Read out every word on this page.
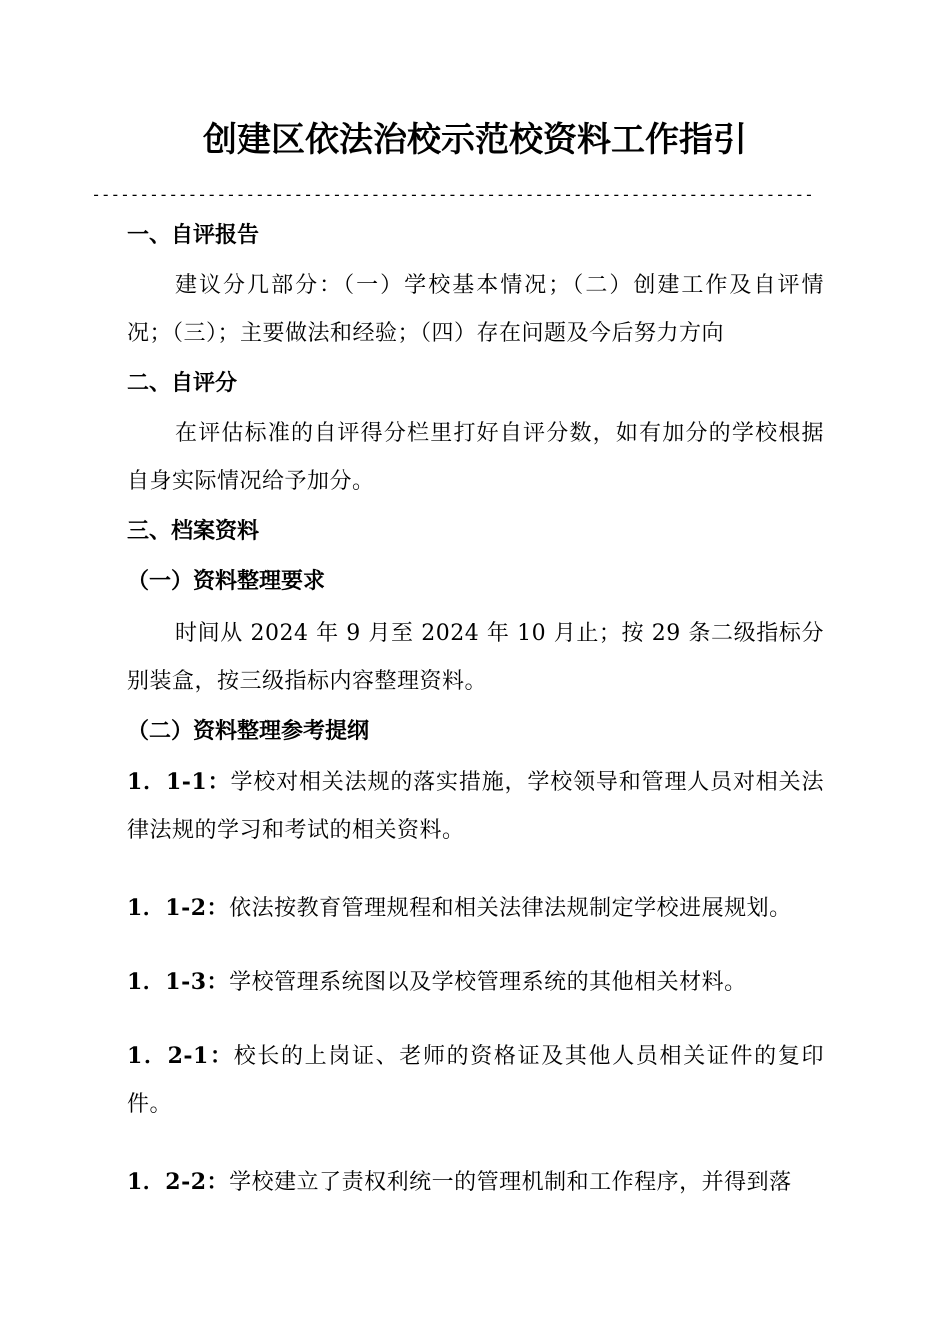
创建区依法治校示范校资料工作指引
---------------------------------------------------------------------------
一、自评报告

建议分几部分：（一）学校基本情况；（二）创建工作及自评情况；（三）；主要做法和经验；（四）存在问题及今后努力方向

二、自评分

在评估标准的自评得分栏里打好自评分数，如有加分的学校根据自身实际情况给予加分。

三、档案资料
（一）资料整理要求

时间从 2024 年 9 月至 2024 年 10 月止；按 29 条二级指标分别装盒，按三级指标内容整理资料。

（二）资料整理参考提纲

1．1-1：学校对相关法规的落实措施，学校领导和管理人员对相关法律法规的学习和考试的相关资料。

1．1-2：依法按教育管理规程和相关法律法规制定学校进展规划。

1．1-3：学校管理系统图以及学校管理系统的其他相关材料。

1．2-1：校长的上岗证、老师的资格证及其他人员相关证件的复印件。

1．2-2：学校建立了责权利统一的管理机制和工作程序，并得到落
